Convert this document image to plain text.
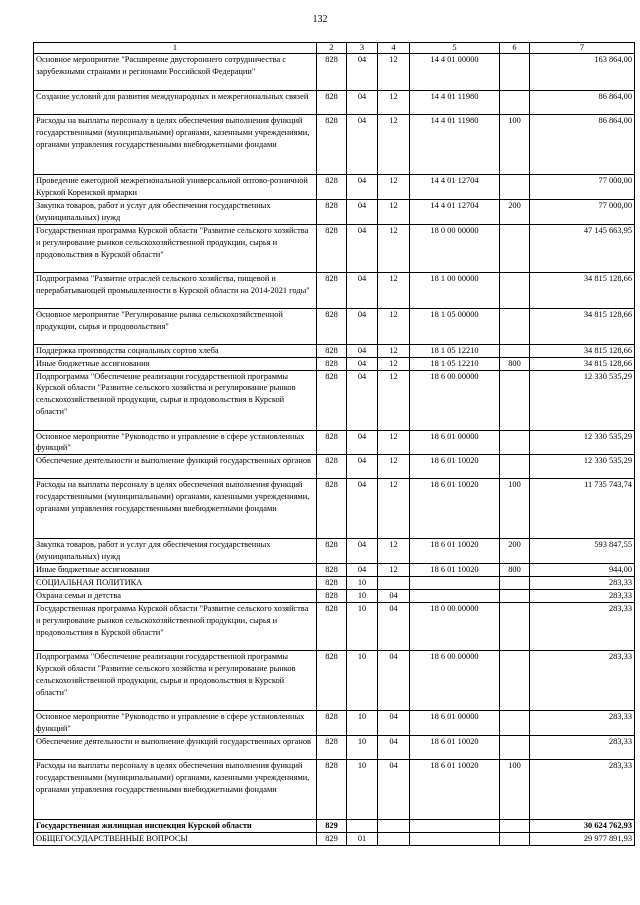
132
1	2	3	4	5	6	7
Основное мероприятие "Расширение двустороннего сотрудничества с зарубежными странами и регионами Российской Федерации"	828	04	12	14 4 01 00000		163 864,00
Создание условий для развития международных и межрегиональных связей	828	04	12	14 4 01 11980		86 864,00
Расходы на выплаты персоналу в целях обеспечения выполнения функций государственными (муниципальными) органами, казенными учреждениями, органами управления государственными внебюджетными фондами	828	04	12	14 4 01 11980	100	86 864,00
Проведение ежегодной межрегиональной универсальной оптово-розничной Курской Коренской ярмарки	828	04	12	14 4 01 12704		77 000,00
Закупка товаров, работ и услуг для обеспечения государственных (муниципальных) нужд	828	04	12	14 4 01 12704	200	77 000,00
Государственная программа Курской области "Развитие сельского хозяйства и регулирование рынков сельскохозяйственной продукции, сырья и продовольствия в Курской области"	828	04	12	18 0 00 00000		47 145 663,95
Подпрограмма "Развитие отраслей сельского хозяйства, пищевой и перерабатывающей промышленности в Курской области на 2014-2021 годы"	828	04	12	18 1 00 00000		34 815 128,66
Основное мероприятие "Регулирование рынка сельскохозяйственной продукции, сырья и продовольствия"	828	04	12	18 1 05 00000		34 815 128,66
Поддержка производства социальных сортов хлеба	828	04	12	18 1 05 12210		34 815 128,66
Иные бюджетные ассигнования	828	04	12	18 1 05 12210	800	34 815 128,66
Подпрограмма "Обеспечение реализации государственной программы Курской области "Развитие сельского хозяйства и регулирование рынков сельскохозяйственной продукции, сырья и продовольствия в Курской области"	828	04	12	18 6 00 00000		12 330 535,29
Основное мероприятие "Руководство и управление в сфере установленных функций"	828	04	12	18 6 01 00000		12 330 535,29
Обеспечение деятельности и выполнение функций государственных органов	828	04	12	18 6 01 10020		12 330 535,29
Расходы на выплаты персоналу в целях обеспечения выполнения функций государственными (муниципальными) органами, казенными учреждениями, органами управления государственными внебюджетными фондами	828	04	12	18 6 01 10020	100	11 735 743,74
Закупка товаров, работ и услуг для обеспечения государственных (муниципальных) нужд	828	04	12	18 6 01 10020	200	593 847,55
Иные бюджетные ассигнования	828	04	12	18 6 01 10020	800	944,00
СОЦИАЛЬНАЯ ПОЛИТИКА	828	10				283,33
Охрана семьи и детства	828	10	04			283,33
Государственная программа Курской области "Развитие сельского хозяйства и регулирование рынков сельскохозяйственной продукции, сырья и продовольствия в Курской области"	828	10	04	18 0 00 00000		283,33
Подпрограмма "Обеспечение реализации государственной программы Курской области "Развитие сельского хозяйства и регулирование рынков сельскохозяйственной продукции, сырья и продовольствия в Курской области"	828	10	04	18 6 00 00000		283,33
Основное мероприятие "Руководство и управление в сфере установленных функций"	828	10	04	18 6 01 00000		283,33
Обеспечение деятельности и выполнение функций государственных органов	828	10	04	18 6 01 10020		283,33
Расходы на выплаты персоналу в целях обеспечения выполнения функций государственными (муниципальными) органами, казенными учреждениями, органами управления государственными внебюджетными фондами	828	10	04	18 6 01 10020	100	283,33
Государственная жилищная инспекция Курской области	829					30 624 762,93
ОБЩЕГОСУДАРСТВЕННЫЕ ВОПРОСЫ	829	01				29 977 891,93
